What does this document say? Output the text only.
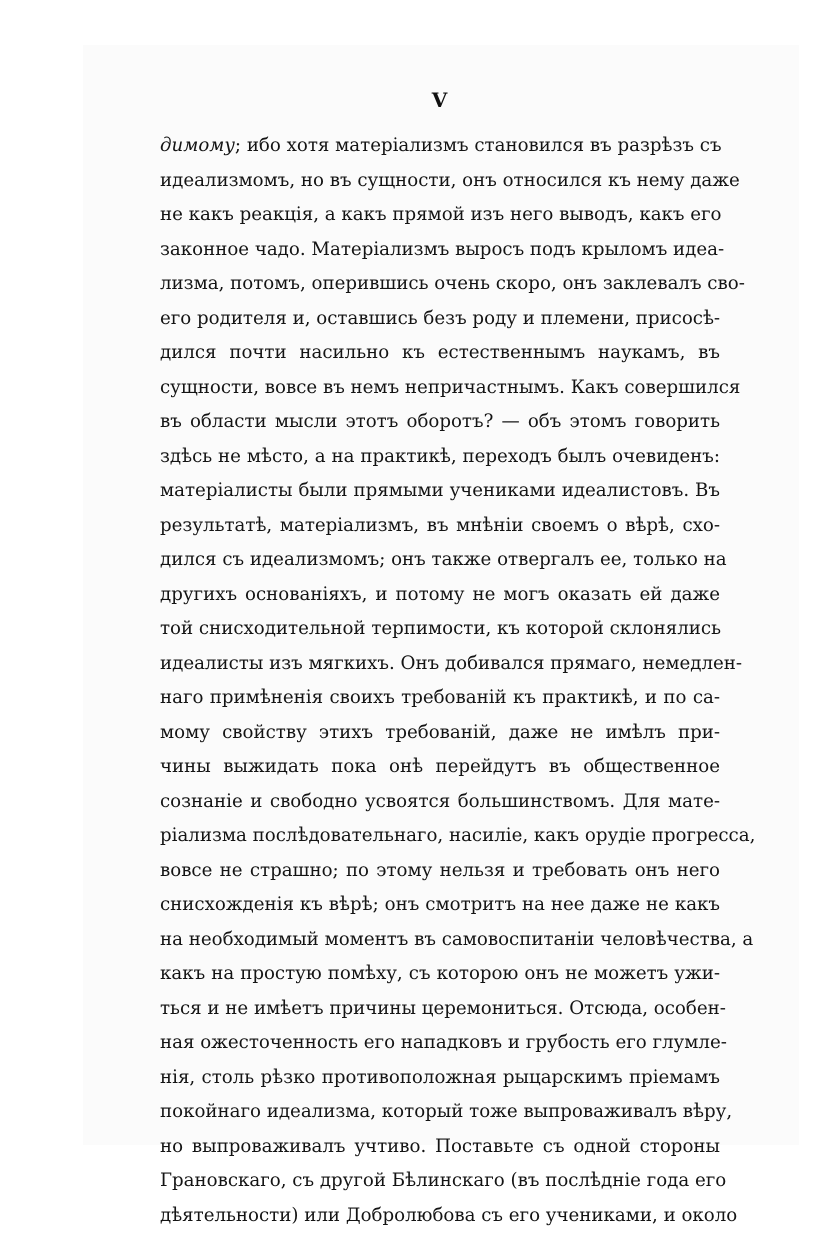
V
димому; ибо хотя матеріализмъ становился въ разрѣзъ съ
идеализмомъ, но въ сущности, онъ относился къ нему даже
не какъ реакція, а какъ прямой изъ него выводъ, какъ его
законное чадо. Матеріализмъ выросъ подъ крыломъ идеа-
лизма, потомъ, оперившись очень скоро, онъ заклевалъ сво-
его родителя и, оставшись безъ роду и племени, присосѣ-
дился почти насильно къ естественнымъ наукамъ, въ
сущности, вовсе въ немъ непричастнымъ. Какъ совершился
въ области мысли этотъ оборотъ? — объ этомъ говорить
здѣсь не мѣсто, а на практикѣ, переходъ былъ очевиденъ:
матеріалисты были прямыми учениками идеалистовъ. Въ
результатѣ, матеріализмъ, въ мнѣніи своемъ о вѣрѣ, схо-
дился съ идеализмомъ; онъ также отвергалъ ее, только на
другихъ основаніяхъ, и потому не могъ оказать ей даже
той снисходительной терпимости, къ которой склонялись
идеалисты изъ мягкихъ. Онъ добивался прямаго, немедлен-
наго примѣненія своихъ требованій къ практикѣ, и по са-
мому свойству этихъ требованій, даже не имѣлъ при-
чины выжидать пока онѣ перейдутъ въ общественное
сознаніе и свободно усвоятся большинствомъ. Для мате-
ріализма послѣдовательнаго, насиліе, какъ орудіе прогресса,
вовсе не страшно; по этому нельзя и требовать онъ него
снисхожденія къ вѣрѣ; онъ смотритъ на нее даже не какъ
на необходимый моментъ въ самовоспитаніи человѣчества, а
какъ на простую помѣху, съ которою онъ не можетъ ужи-
ться и не имѣетъ причины церемониться. Отсюда, особен-
ная ожесточенность его нападковъ и грубость его глумле-
нія, столь рѣзко противоположная рыцарскимъ пріемамъ
покойнаго идеализма, который тоже выпроваживалъ вѣру,
но выпроваживалъ учтиво. Поставьте съ одной стороны
Грановскаго, съ другой Бѣлинскаго (въ послѣдніе года его
дѣятельности) или Добролюбова съ его учениками, и около
